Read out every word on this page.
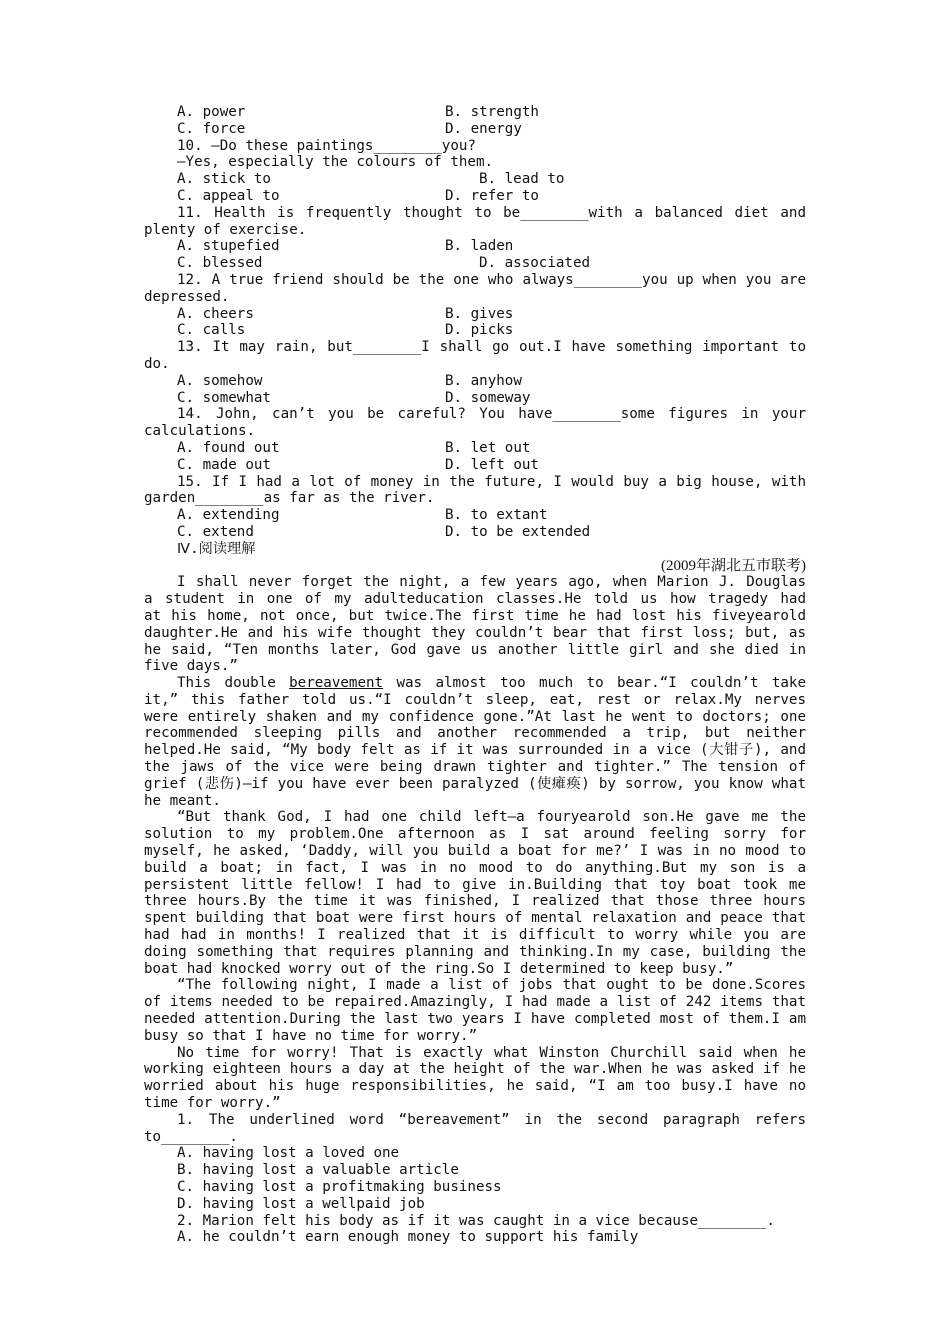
A. power	B. strength
C. force	D. energy
10. —Do these paintings________you?
—Yes, especially the colours of them.
A. stick to	B. lead to
C. appeal to	D. refer to
11. Health is frequently thought to be________with a balanced diet and
plenty of exercise.
A. stupefied	B. laden
C. blessed	D. associated
12. A true friend should be the one who always________you up when you are
depressed.
A. cheers	B. gives
C. calls	D. picks
13. It may rain, but________I shall go out.I have something important to
do.
A. somehow	B. anyhow
C. somewhat	D. someway
14. John, can’t you be careful? You have________some figures in your
calculations.
A. found out	B. let out
C. made out	D. left out
15. If I had a lot of money in the future, I would buy a big house, with
garden________as far as the river.
A. extending	B. to extant
C. extend	D. to be extended
Ⅳ.阅读理解
(2009年湖北五市联考)
I shall never forget the night, a few years ago, when Marion J. Douglas
a student in one of my adulteducation classes.He told us how tragedy had
at his home, not once, but twice.The first time he had lost his fiveyearold
daughter.He and his wife thought they couldn’t bear that first loss; but, as
he said, “Ten months later, God gave us another little girl and she died in
five days.”
This double bereavement was almost too much to bear.“I couldn’t take
it,” this father told us.“I couldn’t sleep, eat, rest or relax.My nerves
were entirely shaken and my confidence gone.”At last he went to doctors; one
recommended sleeping pills and another recommended a trip, but neither
helped.He said, “My body felt as if it was surrounded in a vice (大钳子), and
the jaws of the vice were being drawn tighter and tighter.” The tension of
grief (悲伤)—if you have ever been paralyzed (使瘫痪) by sorrow, you know what
he meant.
“But thank God, I had one child left—a fouryearold son.He gave me the
solution to my problem.One afternoon as I sat around feeling sorry for
myself, he asked, ‘Daddy, will you build a boat for me?’ I was in no mood to
build a boat; in fact, I was in no mood to do anything.But my son is a
persistent little fellow! I had to give in.Building that toy boat took me
three hours.By the time it was finished, I realized that those three hours
spent building that boat were first hours of mental relaxation and peace that
had had in months! I realized that it is difficult to worry while you are
doing something that requires planning and thinking.In my case, building the
boat had knocked worry out of the ring.So I determined to keep busy.”
“The following night, I made a list of jobs that ought to be done.Scores
of items needed to be repaired.Amazingly, I had made a list of 242 items that
needed attention.During the last two years I have completed most of them.I am
busy so that I have no time for worry.”
No time for worry! That is exactly what Winston Churchill said when he
working eighteen hours a day at the height of the war.When he was asked if he
worried about his huge responsibilities, he said, “I am too busy.I have no
time for worry.”
1. The underlined word “bereavement” in the second paragraph refers
to________.
A. having lost a loved one
B. having lost a valuable article
C. having lost a profitmaking business
D. having lost a wellpaid job
2. Marion felt his body as if it was caught in a vice because________.
A. he couldn’t earn enough money to support his family
